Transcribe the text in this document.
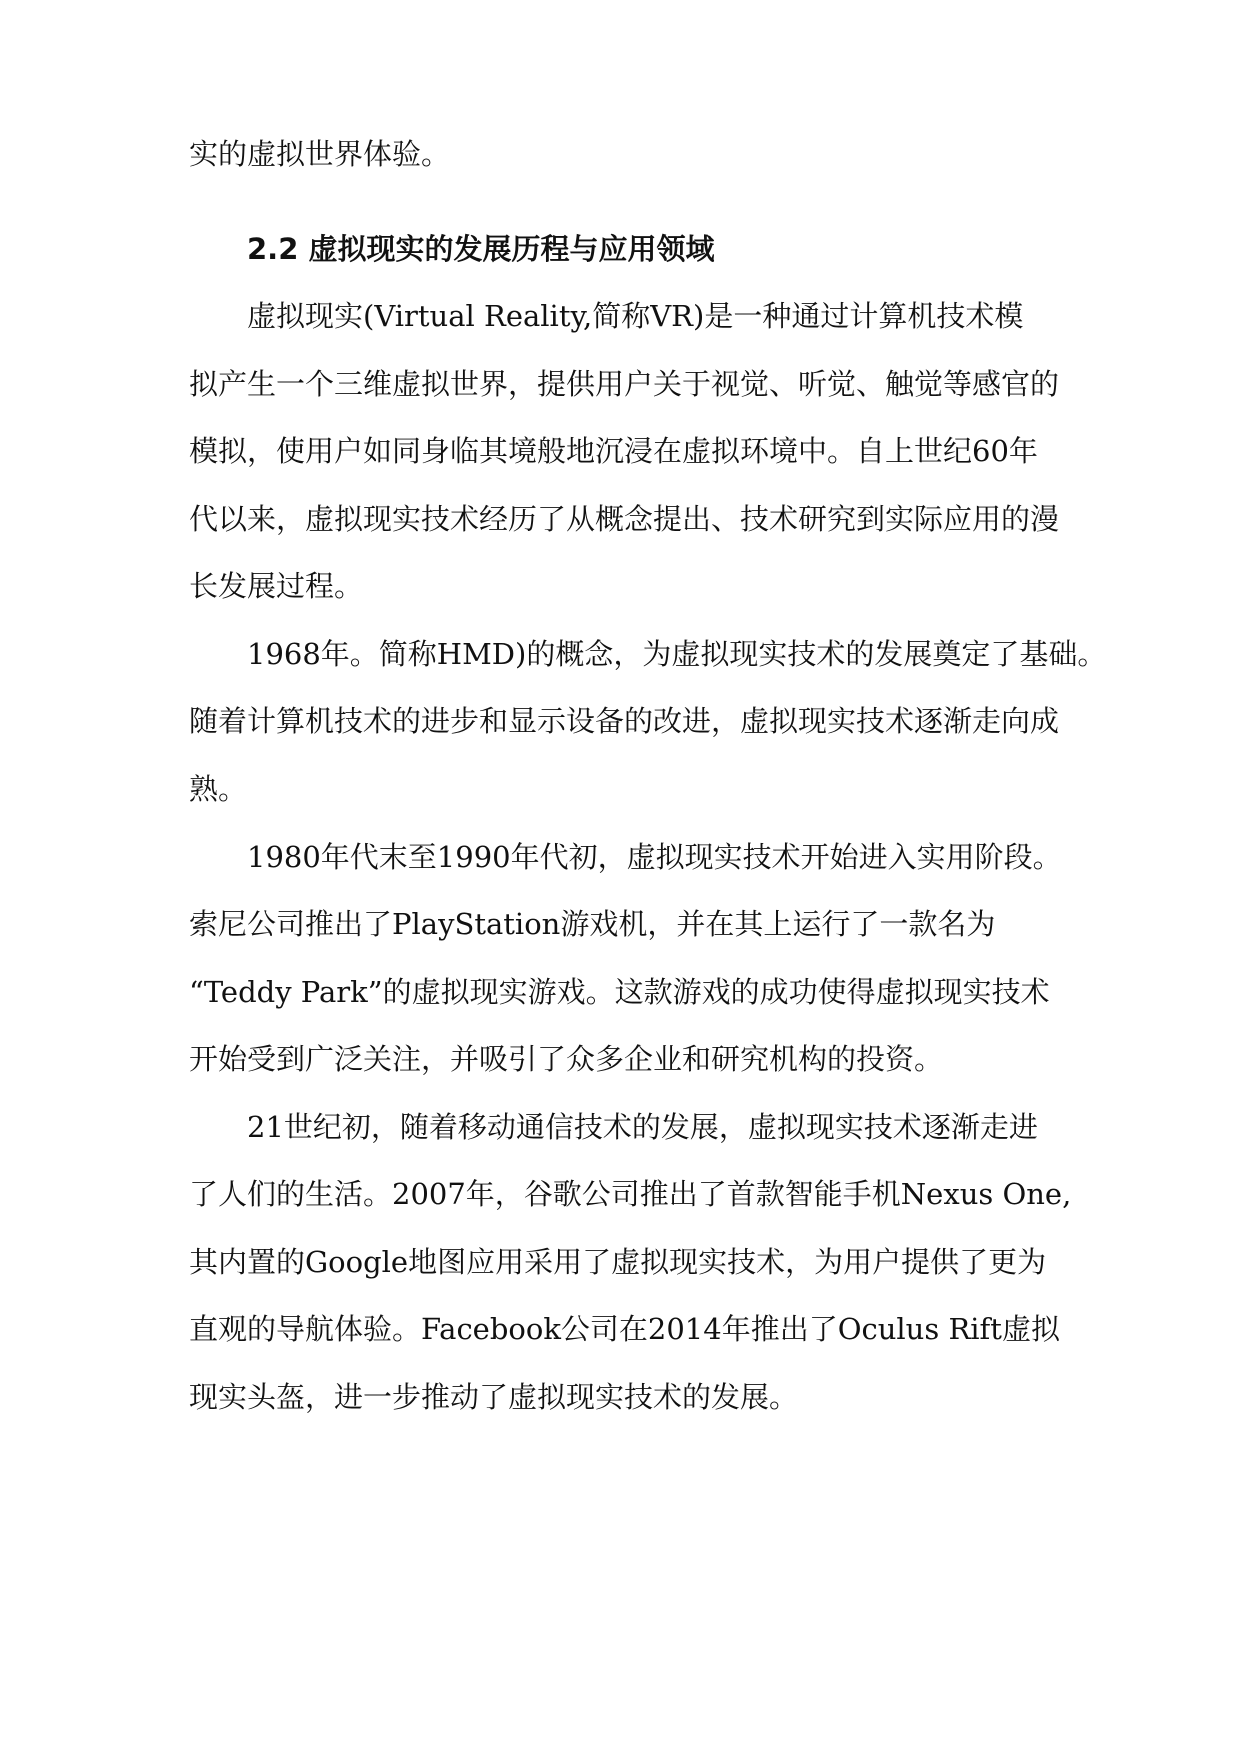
实的虚拟世界体验。

2.2 虚拟现实的发展历程与应用领域

虚拟现实(Virtual Reality,简称VR)是一种通过计算机技术模

拟产生一个三维虚拟世界，提供用户关于视觉、听觉、触觉等感官的

模拟，使用户如同身临其境般地沉浸在虚拟环境中。自上世纪60年

代以来，虚拟现实技术经历了从概念提出、技术研究到实际应用的漫

长发展过程。

1968年。简称HMD)的概念，为虚拟现实技术的发展奠定了基础。

随着计算机技术的进步和显示设备的改进，虚拟现实技术逐渐走向成

熟。

1980年代末至1990年代初，虚拟现实技术开始进入实用阶段。

索尼公司推出了PlayStation游戏机，并在其上运行了一款名为

“Teddy Park”的虚拟现实游戏。这款游戏的成功使得虚拟现实技术

开始受到广泛关注，并吸引了众多企业和研究机构的投资。

21世纪初，随着移动通信技术的发展，虚拟现实技术逐渐走进

了人们的生活。2007年，谷歌公司推出了首款智能手机Nexus One,

其内置的Google地图应用采用了虚拟现实技术，为用户提供了更为

直观的导航体验。Facebook公司在2014年推出了Oculus Rift虚拟

现实头盔，进一步推动了虚拟现实技术的发展。
